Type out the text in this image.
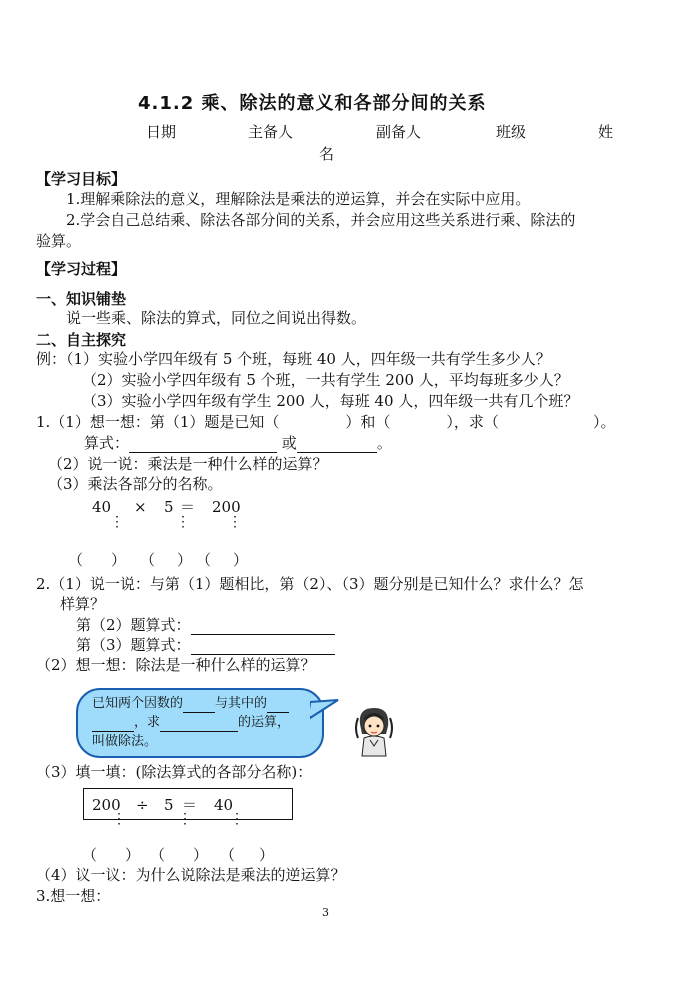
4.1.2 乘、除法的意义和各部分间的关系
日期	主备人	副备人	班级	姓
名
【学习目标】
1.理解乘除法的意义，理解除法是乘法的逆运算，并会在实际中应用。
2.学会自己总结乘、除法各部分间的关系，并会应用这些关系进行乘、除法的
验算。
【学习过程】
一、知识铺垫
说一些乘、除法的算式，同位之间说出得数。
二、自主探究
例：（1）实验小学四年级有 5 个班，每班 40 人，四年级一共有学生多少人？
（2）实验小学四年级有 5 个班，一共有学生 200 人，平均每班多少人？
（3）实验小学四年级有学生 200 人，每班 40 人，四年级一共有几个班？
1.（1）想一想：第（1）题是已知（	）和（	），求（	）。
算式：	或	。
（2）说一说：乘法是一种什么样的运算？
（3）乘法各部分的名称。
40 × 5 ＝ 200
⋮	⋮	⋮
（ ） （ ） （ ）
2.（1）说一说：与第（1）题相比，第（2）、（3）题分别是已知什么？求什么？怎
样算？
第（2）题算式：
第（3）题算式：
（2）想一想：除法是一种什么样的运算？
已知两个因数的 与其中的
，求	的运算，
叫做除法。
（3）填一填：(除法算式的各部分名称)：
200 ÷ 5 ＝ 40
⋮	⋮	⋮
（ ） （ ） （ ）
（4）议一议：为什么说除法是乘法的逆运算？
3.想一想：
3
